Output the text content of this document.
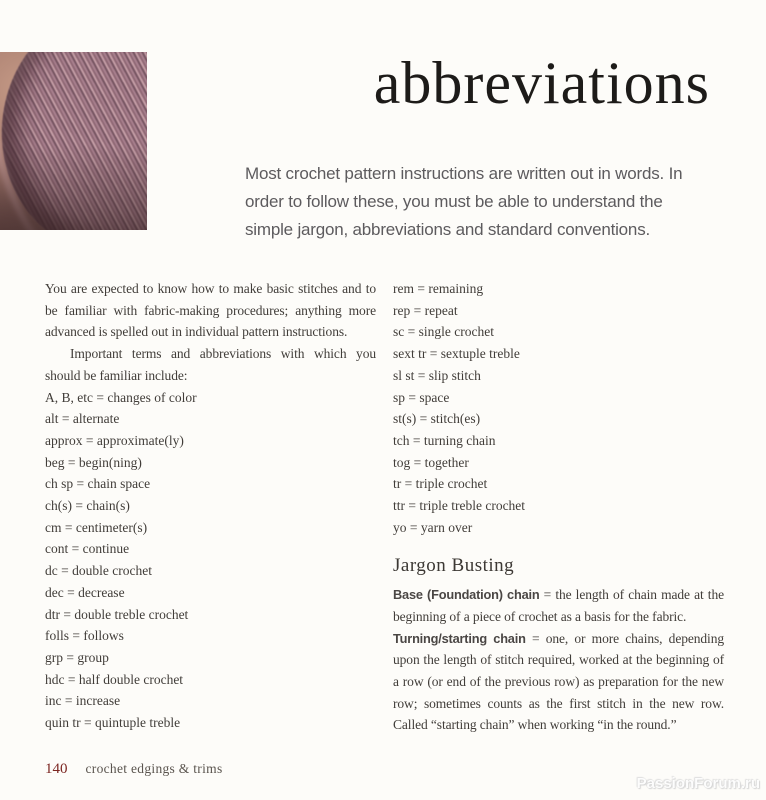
abbreviations

Most crochet pattern instructions are written out in words. In order to follow these, you must be able to understand the simple jargon, abbreviations and standard conventions.

You are expected to know how to make basic stitches and to be familiar with fabric-making procedures; anything more advanced is spelled out in individual pattern instructions.

Important terms and abbreviations with which you should be familiar include:

A, B, etc = changes of color
alt = alternate
approx = approximate(ly)
beg = begin(ning)
ch sp = chain space
ch(s) = chain(s)
cm = centimeter(s)
cont = continue
dc = double crochet
dec = decrease
dtr = double treble crochet
folls = follows
grp = group
hdc = half double crochet
inc = increase
quin tr = quintuple treble
rem = remaining
rep = repeat
sc = single crochet
sext tr = sextuple treble
sl st = slip stitch
sp = space
st(s) = stitch(es)
tch = turning chain
tog = together
tr = triple crochet
ttr = triple treble crochet
yo = yarn over
Jargon Busting

Base (Foundation) chain = the length of chain made at the beginning of a piece of crochet as a basis for the fabric.

Turning/starting chain = one, or more chains, depending upon the length of stitch required, worked at the beginning of a row (or end of the previous row) as preparation for the new row; sometimes counts as the first stitch in the new row. Called “starting chain” when working “in the round.”

140 crochet edgings & trims
PassionForum.ru
